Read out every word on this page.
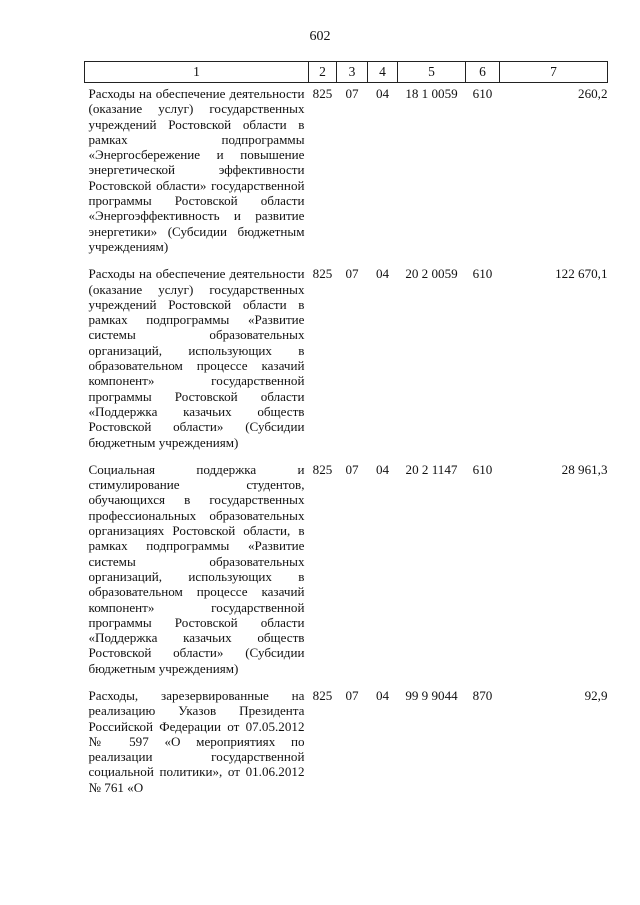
602
1	2	3	4	5	6	7
Расходы на обеспечение деятельности (оказание услуг) государственных учреждений Ростовской области в рамках подпрограммы «Энергосбережение и повышение энергетической эффективности Ростовской области» государственной программы Ростовской области «Энергоэффективность и развитие энергетики» (Субсидии бюджетным учреждениям)	825	07	04	18 1 0059	610	260,2
Расходы на обеспечение деятельности (оказание услуг) государственных учреждений Ростовской области в рамках подпрограммы «Развитие системы образовательных организаций, использующих в образовательном процессе казачий компонент» государственной программы Ростовской области «Поддержка казачьих обществ Ростовской области» (Субсидии бюджетным учреждениям)	825	07	04	20 2 0059	610	122 670,1
Социальная поддержка и стимулирование студентов, обучающихся в государственных профессиональных образовательных организациях Ростовской области, в рамках подпрограммы «Развитие системы образовательных организаций, использующих в образовательном процессе казачий компонент» государственной программы Ростовской области «Поддержка казачьих обществ Ростовской области» (Субсидии бюджетным учреждениям)	825	07	04	20 2 1147	610	28 961,3
Расходы, зарезервированные на реализацию Указов Президента Российской Федерации от 07.05.2012 № 597 «О мероприятиях по реализации государственной социальной политики», от 01.06.2012 № 761 «О	825	07	04	99 9 9044	870	92,9
